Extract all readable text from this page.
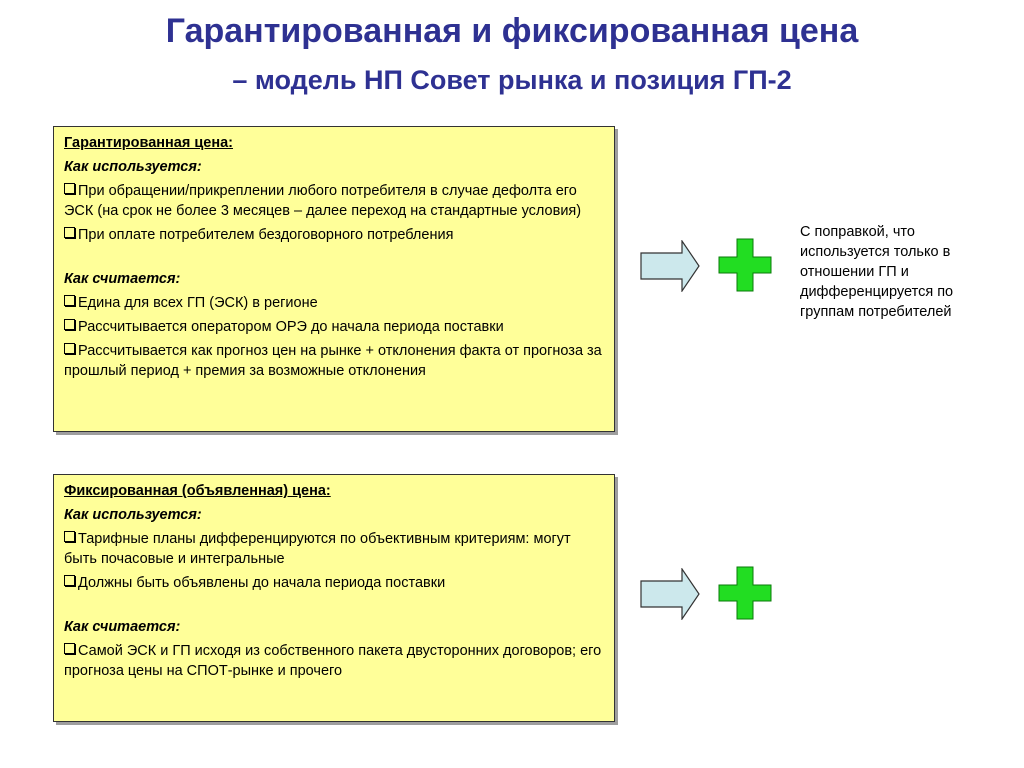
Гарантированная и фиксированная цена
– модель НП Совет рынка и позиция ГП-2
Гарантированная цена:
Как используется:
При обращении/прикреплении любого потребителя в случае дефолта его ЭСК (на срок не более 3 месяцев – далее переход на стандартные условия)
При оплате потребителем бездоговорного потребления
Как считается:
Едина для всех ГП (ЭСК) в регионе
Рассчитывается оператором ОРЭ до начала периода поставки
Рассчитывается как прогноз цен на рынке + отклонения факта от прогноза за прошлый период + премия за возможные отклонения
Фиксированная (объявленная) цена:
Как используется:
Тарифные планы дифференцируются по объективным критериям: могут быть почасовые и интегральные
Должны быть объявлены до начала периода поставки
Как считается:
Самой ЭСК и ГП исходя из собственного пакета двусторонних договоров; его прогноза цены на СПОТ-рынке и прочего
С поправкой, что используется только в отношении ГП и дифференцируется по группам потребителей
